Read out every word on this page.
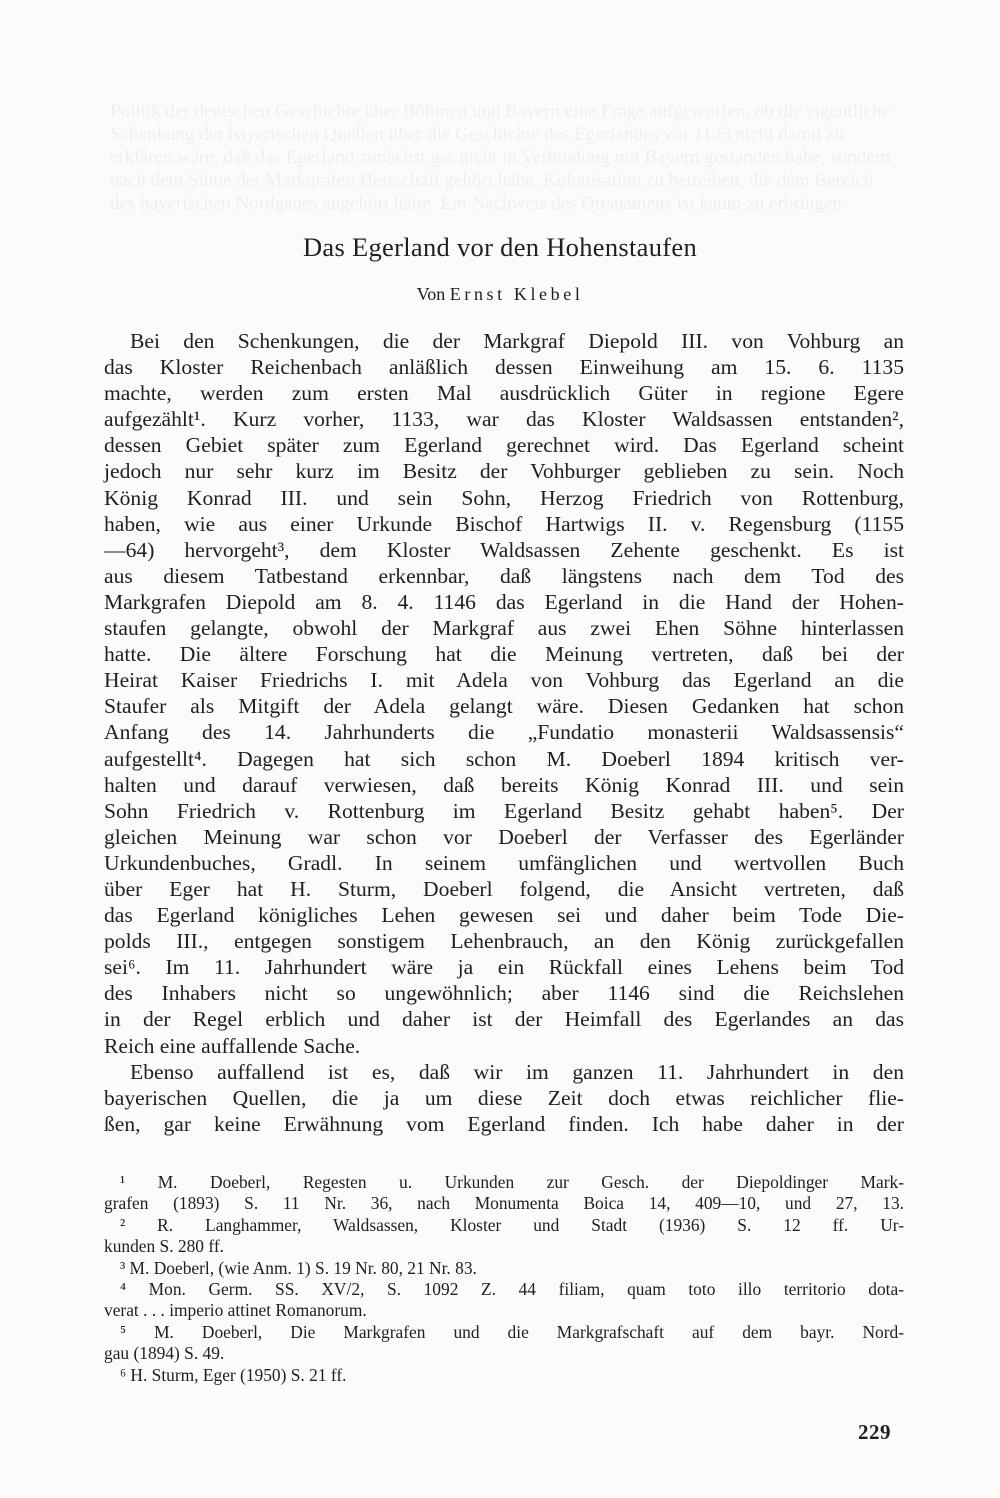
Politik der deutschen Geschichte über Böhmen und Bayern eine Frage aufgeworfen, ob die eigentliche Schenkung der bayerischen Quellen über die Geschichte des Egerlandes vor 1135 nicht damit zu erklären wäre, daß das Egerland zunächst gar nicht in Verbindung mit Bayern gestanden habe, sondern nach dem Sinne der Markgrafen Herrschaft gehört habe, Kolonisation zu betreiben, die dem Bereich des bayerischen Nordgaues angehört hätte. Ein Nachweis des Ortsnamens ist kaum zu erbringen.
Das Egerland vor den Hohenstaufen
Von Ernst Klebel
Bei den Schenkungen, die der Markgraf Diepold III. von Vohburg an
das Kloster Reichenbach anläßlich dessen Einweihung am 15. 6. 1135
machte, werden zum ersten Mal ausdrücklich Güter in regione Egere
aufgezählt¹. Kurz vorher, 1133, war das Kloster Waldsassen entstanden²,
dessen Gebiet später zum Egerland gerechnet wird. Das Egerland scheint
jedoch nur sehr kurz im Besitz der Vohburger geblieben zu sein. Noch
König Konrad III. und sein Sohn, Herzog Friedrich von Rottenburg,
haben, wie aus einer Urkunde Bischof Hartwigs II. v. Regensburg (1155
—64) hervorgeht³, dem Kloster Waldsassen Zehente geschenkt. Es ist
aus diesem Tatbestand erkennbar, daß längstens nach dem Tod des
Markgrafen Diepold am 8. 4. 1146 das Egerland in die Hand der Hohen-
staufen gelangte, obwohl der Markgraf aus zwei Ehen Söhne hinterlassen
hatte. Die ältere Forschung hat die Meinung vertreten, daß bei der
Heirat Kaiser Friedrichs I. mit Adela von Vohburg das Egerland an die
Staufer als Mitgift der Adela gelangt wäre. Diesen Gedanken hat schon
Anfang des 14. Jahrhunderts die „Fundatio monasterii Waldsassensis“
aufgestellt⁴. Dagegen hat sich schon M. Doeberl 1894 kritisch ver-
halten und darauf verwiesen, daß bereits König Konrad III. und sein
Sohn Friedrich v. Rottenburg im Egerland Besitz gehabt haben⁵. Der
gleichen Meinung war schon vor Doeberl der Verfasser des Egerländer
Urkundenbuches, Gradl. In seinem umfänglichen und wertvollen Buch
über Eger hat H. Sturm, Doeberl folgend, die Ansicht vertreten, daß
das Egerland königliches Lehen gewesen sei und daher beim Tode Die-
polds III., entgegen sonstigem Lehenbrauch, an den König zurückgefallen
sei⁶. Im 11. Jahrhundert wäre ja ein Rückfall eines Lehens beim Tod
des Inhabers nicht so ungewöhnlich; aber 1146 sind die Reichslehen
in der Regel erblich und daher ist der Heimfall des Egerlandes an das
Reich eine auffallende Sache.
Ebenso auffallend ist es, daß wir im ganzen 11. Jahrhundert in den
bayerischen Quellen, die ja um diese Zeit doch etwas reichlicher flie-
ßen, gar keine Erwähnung vom Egerland finden. Ich habe daher in der
¹ M. Doeberl, Regesten u. Urkunden zur Gesch. der Diepoldinger Mark-
grafen (1893) S. 11 Nr. 36, nach Monumenta Boica 14, 409—10, und 27, 13.
² R. Langhammer, Waldsassen, Kloster und Stadt (1936) S. 12 ff. Ur-
kunden S. 280 ff.
³ M. Doeberl, (wie Anm. 1) S. 19 Nr. 80, 21 Nr. 83.
⁴ Mon. Germ. SS. XV/2, S. 1092 Z. 44 filiam, quam toto illo territorio dota-
verat . . . imperio attinet Romanorum.
⁵ M. Doeberl, Die Markgrafen und die Markgrafschaft auf dem bayr. Nord-
gau (1894) S. 49.
⁶ H. Sturm, Eger (1950) S. 21 ff.
229
